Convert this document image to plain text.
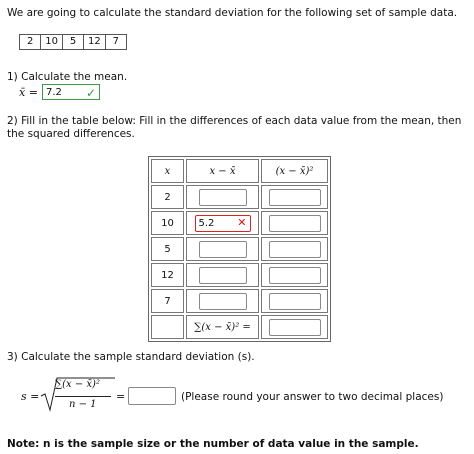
We are going to calculate the standard deviation for the following set of sample data.
2	10	5	12	7
1) Calculate the mean.
x̄ = 7.2 ✓
2) Fill in the table below: Fill in the differences of each data value from the mean, then the squared differences.
x	x − x̄	(x − x̄)²
2		
10	5.2 ✕	

5		
12		
7		
	∑(x − x̄)² =	
3) Calculate the sample standard deviation (s).
s =
∑(x − x̄)²
n − 1
=	(Please round your answer to two decimal places)
Note: n is the sample size or the number of data value in the sample.
